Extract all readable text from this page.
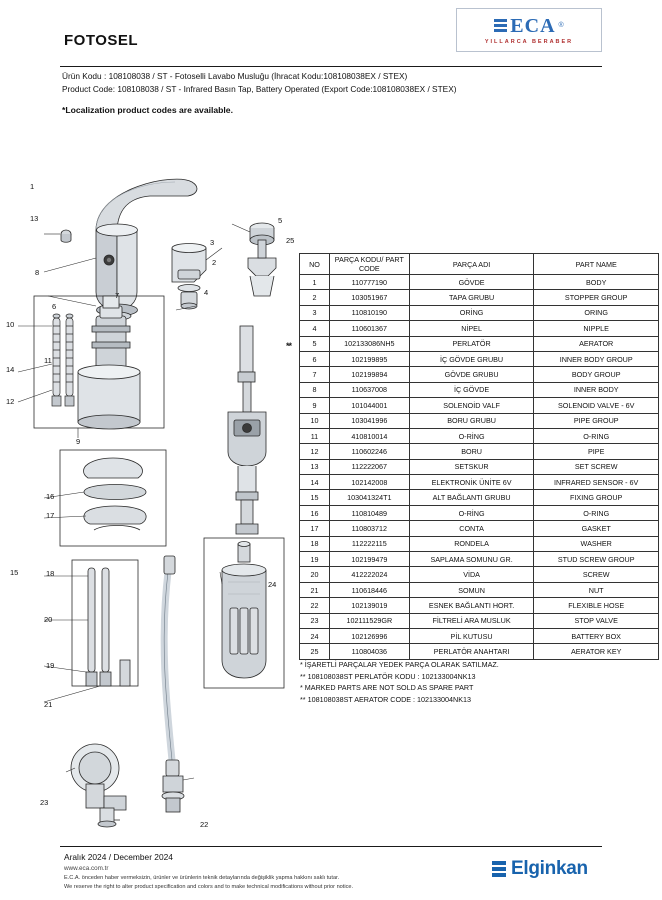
FOTOSEL
ECA ®
YILLARCA BERABER
Ürün Kodu : 108108038 / ST - Fotoselli Lavabo Musluğu (İhracat Kodu:108108038EX / STEX)
Product Code: 108108038 / ST - Infrared Basın Tap, Battery Operated (Export Code:108108038EX / STEX)
*Localization product codes are available.
13
8
7
10
14
12
9
16
17
18
15
20
19
21
2
4
3
5
25
6
11
1
24
23
22
**
NO	PARÇA KODU/ PART CODE	PARÇA ADI	PART NAME
1	110777190	GÖVDE	BODY
2	103051967	TAPA GRUBU	STOPPER GROUP
3	110810190	ORİNG	ORING
4	110601367	NİPEL	NIPPLE
5	102133086NH5	PERLATÖR	AERATOR
6	102199895	İÇ GÖVDE GRUBU	INNER BODY GROUP
7	102199894	GÖVDE GRUBU	BODY GROUP
8	110637008	İÇ GÖVDE	INNER BODY
9	101044001	SOLENOİD VALF	SOLENOID VALVE - 6V
10	103041996	BORU GRUBU	PIPE GROUP
11	410810014	O-RİNG	O-RING
12	110602246	BORU	PIPE
13	112222067	SETSKUR	SET SCREW
14	102142008	ELEKTRONİK ÜNİTE 6V	INFRARED SENSOR - 6V
15	103041324T1	ALT BAĞLANTI GRUBU	FIXING GROUP
16	110810489	O-RİNG	O-RING
17	110803712	CONTA	GASKET
18	112222115	RONDELA	WASHER
19	102199479	SAPLAMA SOMUNU GR.	STUD SCREW GROUP
20	412222024	VİDA	SCREW
21	110618446	SOMUN	NUT
22	102139019	ESNEK BAĞLANTI HORT.	FLEXIBLE HOSE
23	102111529GR	FİLTRELİ ARA MUSLUK	STOP VALVE
24	102126996	PİL KUTUSU	BATTERY BOX
25	110804036	PERLATÖR ANAHTARI	AERATOR KEY
* İŞARETLİ PARÇALAR YEDEK PARÇA OLARAK SATILMAZ.
** 108108038ST PERLATÖR KODU : 102133004NK13
* MARKED PARTS ARE NOT SOLD AS SPARE PART
** 108108038ST AERATOR CODE : 102133004NK13
Aralık 2024 / December 2024
www.eca.com.tr
E.C.A. önceden haber vermeksizin, ürünler ve ürünlerin teknik detaylarında değişiklik yapma hakkını saklı tutar.
We reserve the right to alter product specification and colors and to make technical modifications without prior notice.
Elginkan
